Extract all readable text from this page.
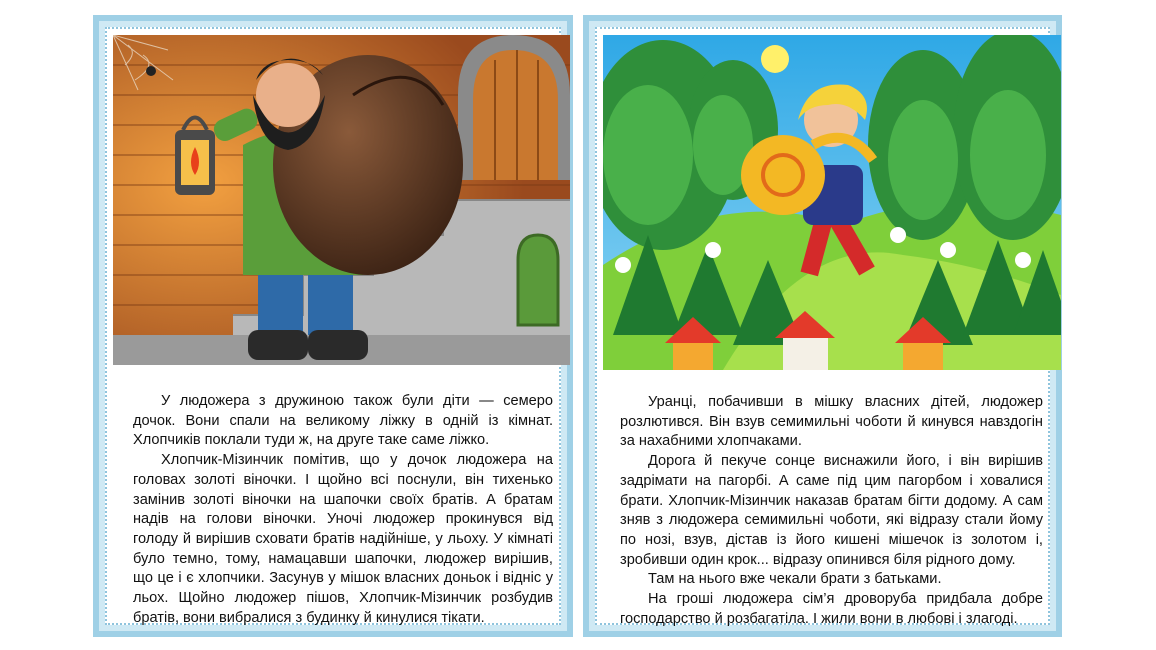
У людожера з дружиною також були діти — семеро дочок. Вони спали на великому ліжку в одній із кімнат. Хлопчиків поклали туди ж, на друге таке саме ліжко.

Хлопчик-Мізинчик помітив, що у дочок людожера на головах золоті віночки. І щойно всі поснули, він тихенько замінив золоті віночки на шапочки своїх братів. А братам надів на голови віночки. Уночі людожер прокинувся від голоду й вирішив сховати братів надійніше, у льоху. У кімнаті було темно, тому, намацавши шапочки, людожер вирішив, що це і є хлопчики. Засунув у мішок власних доньок і відніс у льох. Щойно людожер пішов, Хлопчик-Мізинчик розбудив братів, вони вибралися з будинку й кинулися тікати.

Уранці, побачивши в мішку власних дітей, людожер розлютився. Він взув семимильні чоботи й кинувся навздогін за нахабними хлопчаками.

Дорога й пекуче сонце виснажили його, і він вирішив задрімати на пагорбі. А саме під цим пагорбом і ховалися брати. Хлопчик-Мізинчик наказав братам бігти додому. А сам зняв з людожера семимильні чоботи, які відразу стали йому по нозі, взув, дістав із його кишені мішечок із золотом і, зробивши один крок... відразу опинився біля рідного дому.

Там на нього вже чекали брати з батьками.

На гроші людожера сім’я дроворуба придбала добре господарство й розбагатіла. І жили вони в любові і злагоді.
